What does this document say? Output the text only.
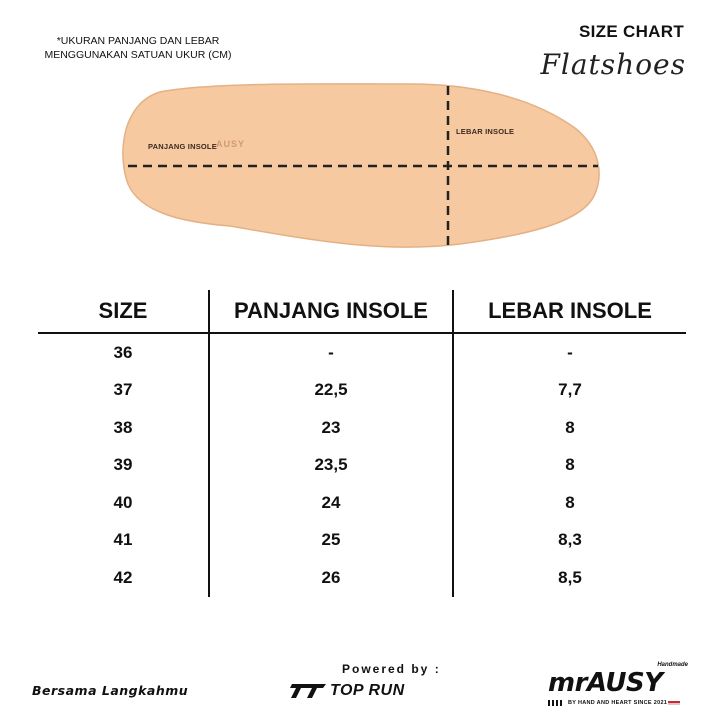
*UKURAN PANJANG DAN LEBAR
MENGGUNAKAN SATUAN UKUR (CM)
SIZE CHART
Flatshoes
PANJANG INSOLE AUSY
LEBAR INSOLE
SIZE	PANJANG INSOLE	LEBAR INSOLE
36	-	-
37	22,5	7,7
38	23	8
39	23,5	8
40	24	8
41	25	8,3
42	26	8,5
Bersama Langkahmu
Powered by :
TOP RUN
Handmade
mrAUSY
BY HAND AND HEART SINCE 2021
